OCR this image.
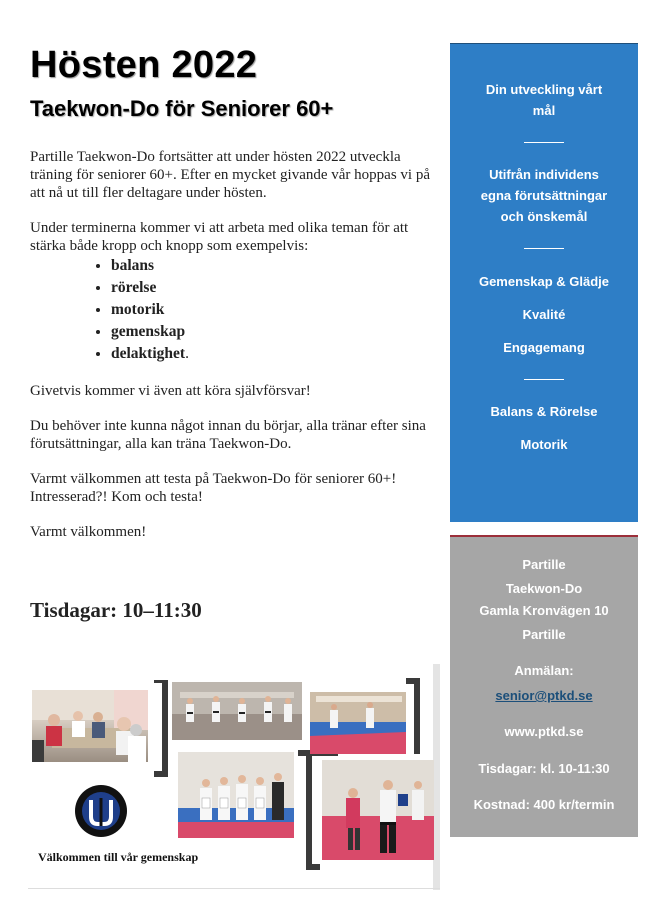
Hösten 2022
Taekwon-Do för Seniorer 60+

Partille Taekwon-Do fortsätter att under hösten 2022 utveckla träning för seniorer 60+. Efter en mycket givande vår hoppas vi på att nå ut till fler deltagare under hösten.

Under terminerna kommer vi att arbeta med olika teman för att stärka både kropp och knopp som exempelvis:

• balans
• rörelse
• motorik
• gemenskap
• delaktighet.

Givetvis kommer vi även att köra självförsvar!

Du behöver inte kunna något innan du börjar, alla tränar efter sina förutsättningar, alla kan träna Taekwon-Do.

Varmt välkommen att testa på Taekwon-Do för seniorer 60+!

Intresserad?! Kom och testa!

Varmt välkommen!

Tisdagar: 10–11:30
Din utveckling vårt
mål
Utifrån individens
egna förutsättningar
och önskemål
Gemenskap & Glädje
Kvalité
Engagemang
Balans & Rörelse
Motorik
Partille
Taekwon-Do
Gamla Kronvägen 10
Partille
Anmälan:
senior@ptkd.se
www.ptkd.se
Tisdagar: kl. 10-11:30
Kostnad: 400 kr/termin
Välkommen till vår gemenskap
